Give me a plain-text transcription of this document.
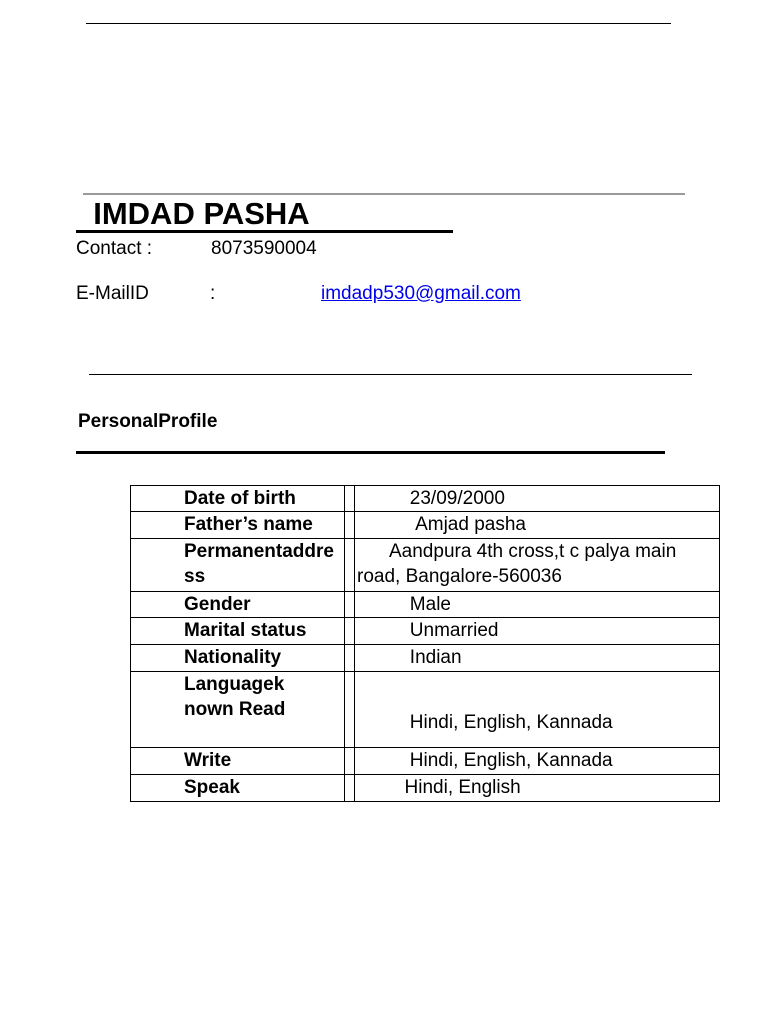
IMDAD PASHA
Contact :	8073590004
E-MailID	:	imdadp530@gmail.com
PersonalProfile
Date of birth		23/09/2000
Father’s name		Amjad pasha

Permanentaddress		Aandpura 4th cross,t c palya main road, Bangalore-560036

Gender		Male
Marital status		Unmarried
Nationality		Indian

Languageknown Read		Hindi, English, Kannada
Write		Hindi, English, Kannada
Speak		Hindi, English
